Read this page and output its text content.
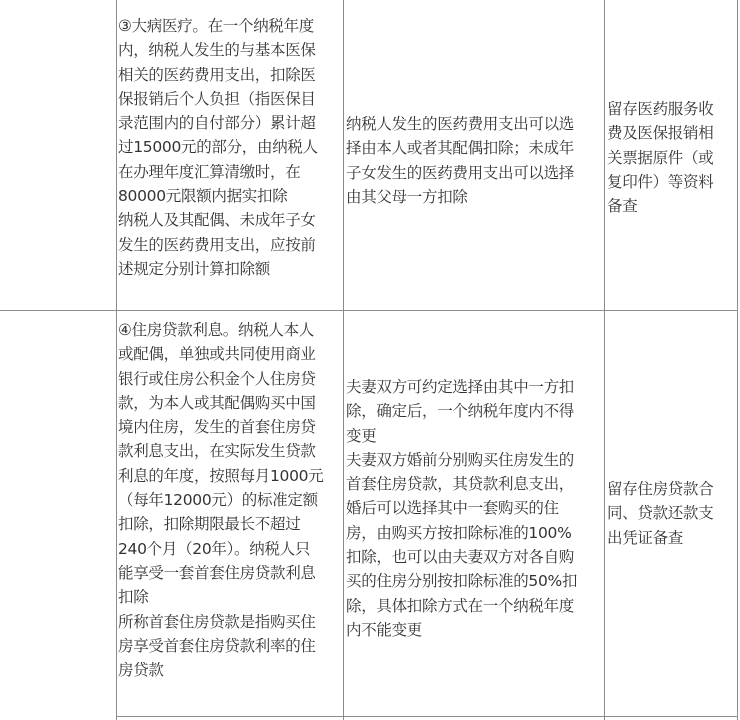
③大病医疗。在一个纳税年度
内，纳税人发生的与基本医保
相关的医药费用支出，扣除医
保报销后个人负担（指医保目
录范围内的自付部分）累计超
过15000元的部分，由纳税人
在办理年度汇算清缴时，在
80000元限额内据实扣除
纳税人及其配偶、未成年子女
发生的医药费用支出，应按前
述规定分别计算扣除额
纳税人发生的医药费用支出可以选
择由本人或者其配偶扣除；未成年
子女发生的医药费用支出可以选择
由其父母一方扣除
留存医药服务收
费及医保报销相
关票据原件（或
复印件）等资料
备查
④住房贷款利息。纳税人本人
或配偶，单独或共同使用商业
银行或住房公积金个人住房贷
款，为本人或其配偶购买中国
境内住房，发生的首套住房贷
款利息支出，在实际发生贷款
利息的年度，按照每月1000元
（每年12000元）的标准定额
扣除，扣除期限最长不超过
240个月（20年）。纳税人只
能享受一套首套住房贷款利息
扣除
所称首套住房贷款是指购买住
房享受首套住房贷款利率的住
房贷款
夫妻双方可约定选择由其中一方扣
除，确定后，一个纳税年度内不得
变更
夫妻双方婚前分别购买住房发生的
首套住房贷款，其贷款利息支出，
婚后可以选择其中一套购买的住
房，由购买方按扣除标准的100%
扣除，也可以由夫妻双方对各自购
买的住房分别按扣除标准的50%扣
除，具体扣除方式在一个纳税年度
内不能变更
留存住房贷款合
同、贷款还款支
出凭证备查
